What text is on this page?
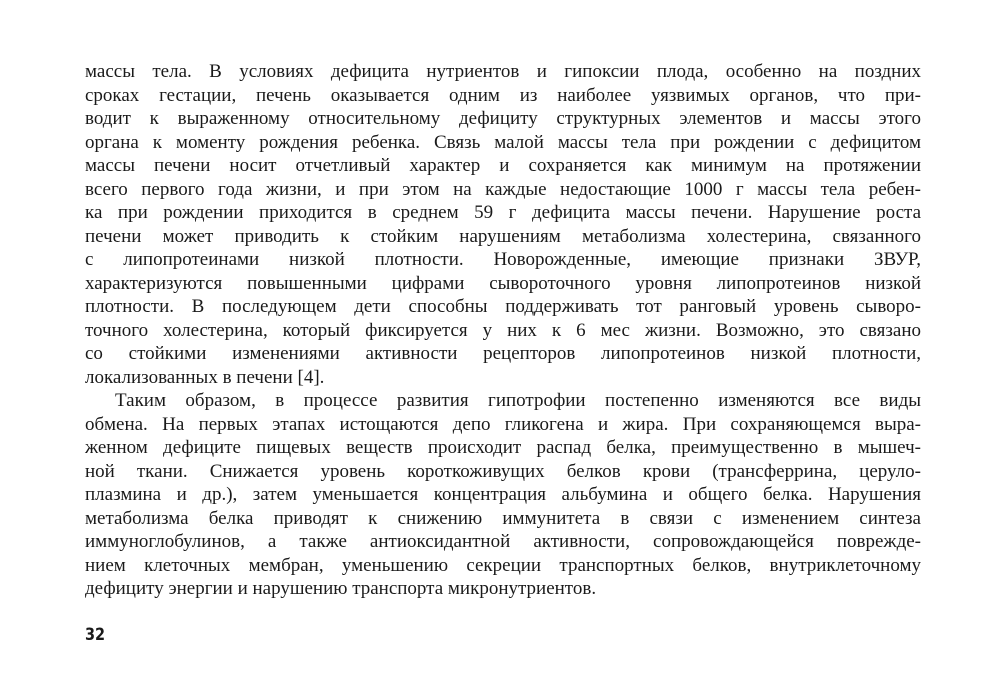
массы тела. В условиях дефицита нутриентов и гипоксии плода, особенно на поздних
сроках гестации, печень оказывается одним из наиболее уязвимых органов, что при-
водит к выраженному относительному дефициту структурных элементов и массы этого
органа к моменту рождения ребенка. Связь малой массы тела при рождении с дефицитом
массы печени носит отчетливый характер и сохраняется как минимум на протяжении
всего первого года жизни, и при этом на каждые недостающие 1000 г массы тела ребен-
ка при рождении приходится в среднем 59 г дефицита массы печени. Нарушение роста
печени может приводить к стойким нарушениям метаболизма холестерина, связанного
с липопротеинами низкой плотности. Новорожденные, имеющие признаки ЗВУР,
характеризуются повышенными цифрами сывороточного уровня липопротеинов низкой
плотности. В последующем дети способны поддерживать тот ранговый уровень сыворо-
точного холестерина, который фиксируется у них к 6 мес жизни. Возможно, это связано
со стойкими изменениями активности рецепторов липопротеинов низкой плотности,
локализованных в печени [4].
Таким образом, в процессе развития гипотрофии постепенно изменяются все виды
обмена. На первых этапах истощаются депо гликогена и жира. При сохраняющемся выра-
женном дефиците пищевых веществ происходит распад белка, преимущественно в мышеч-
ной ткани. Снижается уровень короткоживущих белков крови (трансферрина, церуло-
плазмина и др.), затем уменьшается концентрация альбумина и общего белка. Нарушения
метаболизма белка приводят к снижению иммунитета в связи с изменением синтеза
иммуноглобулинов, а также антиоксидантной активности, сопровождающейся поврежде-
нием клеточных мембран, уменьшению секреции транспортных белков, внутриклеточному
дефициту энергии и нарушению транспорта микронутриентов.
32
